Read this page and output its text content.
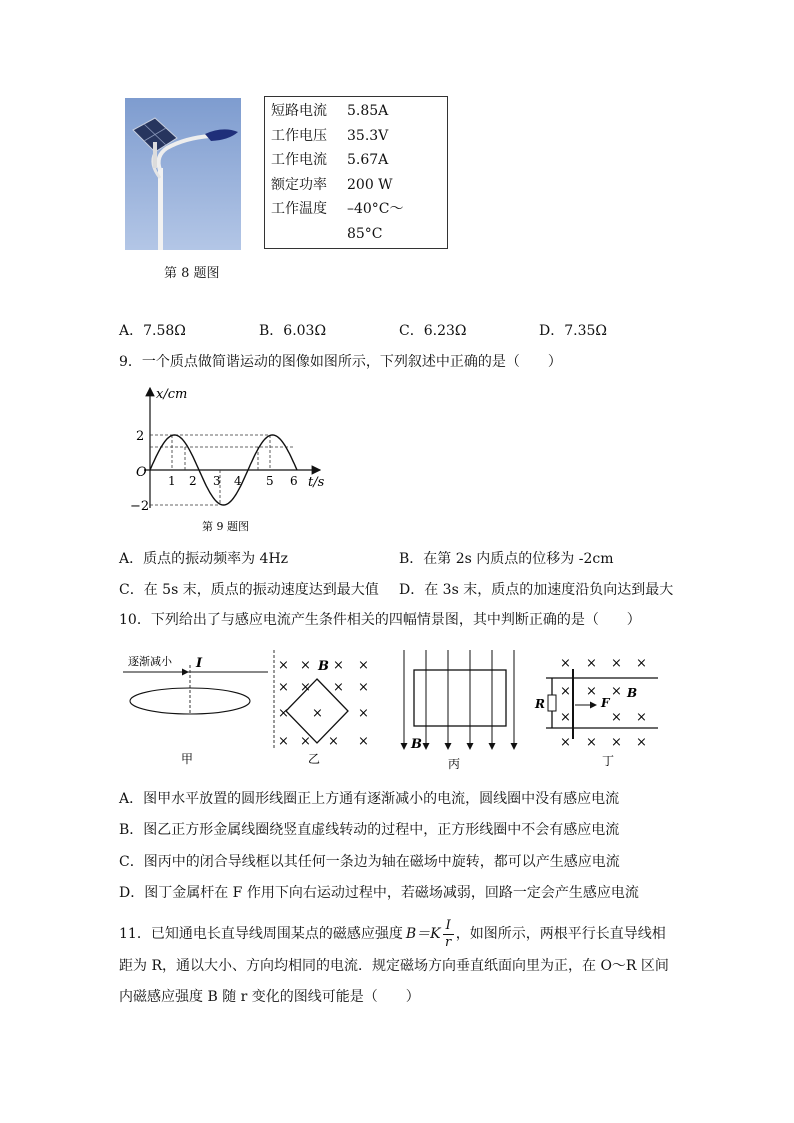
第 8 题图
短路电流	5.85A
工作电压	35.3V
工作电流	5.67A
额定功率	200 W
工作温度	–40°C～85°C
A．7.58Ω	B．6.03Ω	C．6.23Ω	D．7.35Ω
9．一个质点做简谐运动的图像如图所示，下列叙述中正确的是（　　）
x/cm
t/s
O
2
−2
1 2 3 4 5 6
第 9 题图
A．质点的振动频率为 4Hz	B．在第 2s 内质点的位移为 -2cm
C．在 5s 末，质点的振动速度达到最大值 D．在 3s 末，质点的加速度沿负向达到最大
10．下列给出了与感应电流产生条件相关的四幅情景图，其中判断正确的是（　　）
逐渐减小 I
甲
× × × ×
× × × ×
× ×	×
× × × ×
B
乙
B
丙
× × × ×
× × ×
×	× ×
× × × ×
R	F
B
丁
A．图甲水平放置的圆形线圈正上方通有逐渐减小的电流，圆线圈中没有感应电流
B．图乙正方形金属线圈绕竖直虚线转动的过程中，正方形线圈中不会有感应电流
C．图丙中的闭合导线框以其任何一条边为轴在磁场中旋转，都可以产生感应电流
D．图丁金属杆在 F 作用下向右运动过程中，若磁场减弱，回路一定会产生感应电流
11．已知通电长直导线周围某点的磁感应强度 $B=K \frac{I}{r}$ ，如图所示，两根平行长直导线相
距为 R，通以大小、方向均相同的电流．规定磁场方向垂直纸面向里为正，在 O～R 区间
内磁感应强度 B 随 r 变化的图线可能是（　　）
